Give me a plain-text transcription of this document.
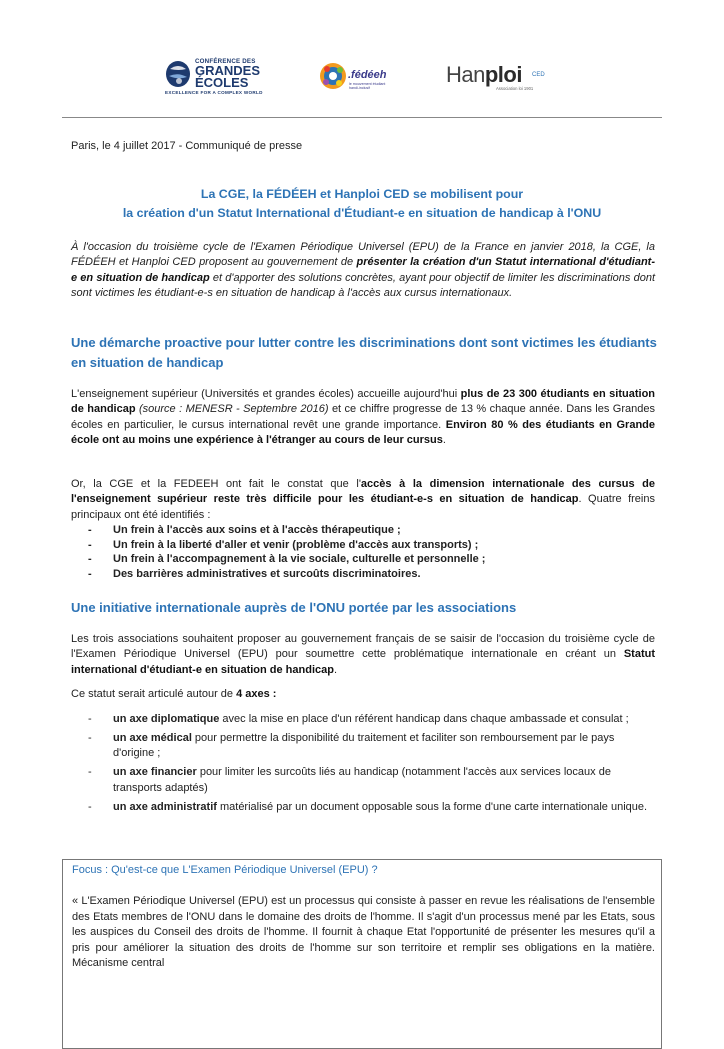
CONFÉRENCE DES
GRANDES
ÉCOLES
EXCELLENCE FOR A COMPLEX WORLD
.fédéeh
le mouvement étudiant handi-inclusif
Hanploi CED
Association loi 1901
Paris, le 4 juillet 2017 - Communiqué de presse
La CGE, la FÉDÉEH et Hanploi CED se mobilisent pour
la création d'un Statut International d'Étudiant-e en situation de handicap à l'ONU
À l'occasion du troisième cycle de l'Examen Périodique Universel (EPU) de la France en janvier 2018, la CGE, la FÉDÉEH et Hanploi CED proposent au gouvernement de présenter la création d'un Statut international d'étudiant-e en situation de handicap et d'apporter des solutions concrètes, ayant pour objectif de limiter les discriminations dont sont victimes les étudiant-e-s en situation de handicap à l'accès aux cursus internationaux.
Une démarche proactive pour lutter contre les discriminations dont sont victimes les étudiants en situation de handicap
L'enseignement supérieur (Universités et grandes écoles) accueille aujourd'hui plus de 23 300 étudiants en situation de handicap (source : MENESR - Septembre 2016) et ce chiffre progresse de 13 % chaque année. Dans les Grandes écoles en particulier, le cursus international revêt une grande importance. Environ 80 % des étudiants en Grande école ont au moins une expérience à l'étranger au cours de leur cursus.
Or, la CGE et la FEDEEH ont fait le constat que l'accès à la dimension internationale des cursus de l'enseignement supérieur reste très difficile pour les étudiant-e-s en situation de handicap. Quatre freins principaux ont été identifiés :
- Un frein à l'accès aux soins et à l'accès thérapeutique ;
- Un frein à la liberté d'aller et venir (problème d'accès aux transports) ;
- Un frein à l'accompagnement à la vie sociale, culturelle et personnelle ;
- Des barrières administratives et surcoûts discriminatoires.
Une initiative internationale auprès de l'ONU portée par les associations
Les trois associations souhaitent proposer au gouvernement français de se saisir de l'occasion du troisième cycle de l'Examen Périodique Universel (EPU) pour soumettre cette problématique internationale en créant un Statut international d'étudiant-e en situation de handicap.
Ce statut serait articulé autour de 4 axes :
- un axe diplomatique avec la mise en place d'un référent handicap dans chaque ambassade et consulat ;
- un axe médical pour permettre la disponibilité du traitement et faciliter son remboursement par le pays d'origine ;
- un axe financier pour limiter les surcoûts liés au handicap (notamment l'accès aux services locaux de transports adaptés)
- un axe administratif matérialisé par un document opposable sous la forme d'une carte internationale unique.
Focus : Qu'est-ce que L'Examen Périodique Universel (EPU) ?
« L'Examen Périodique Universel (EPU) est un processus qui consiste à passer en revue les réalisations de l'ensemble des Etats membres de l'ONU dans le domaine des droits de l'homme. Il s'agit d'un processus mené par les Etats, sous les auspices du Conseil des droits de l'homme. Il fournit à chaque Etat l'opportunité de présenter les mesures qu'il a pris pour améliorer la situation des droits de l'homme sur son territoire et remplir ses obligations en la matière. Mécanisme central
